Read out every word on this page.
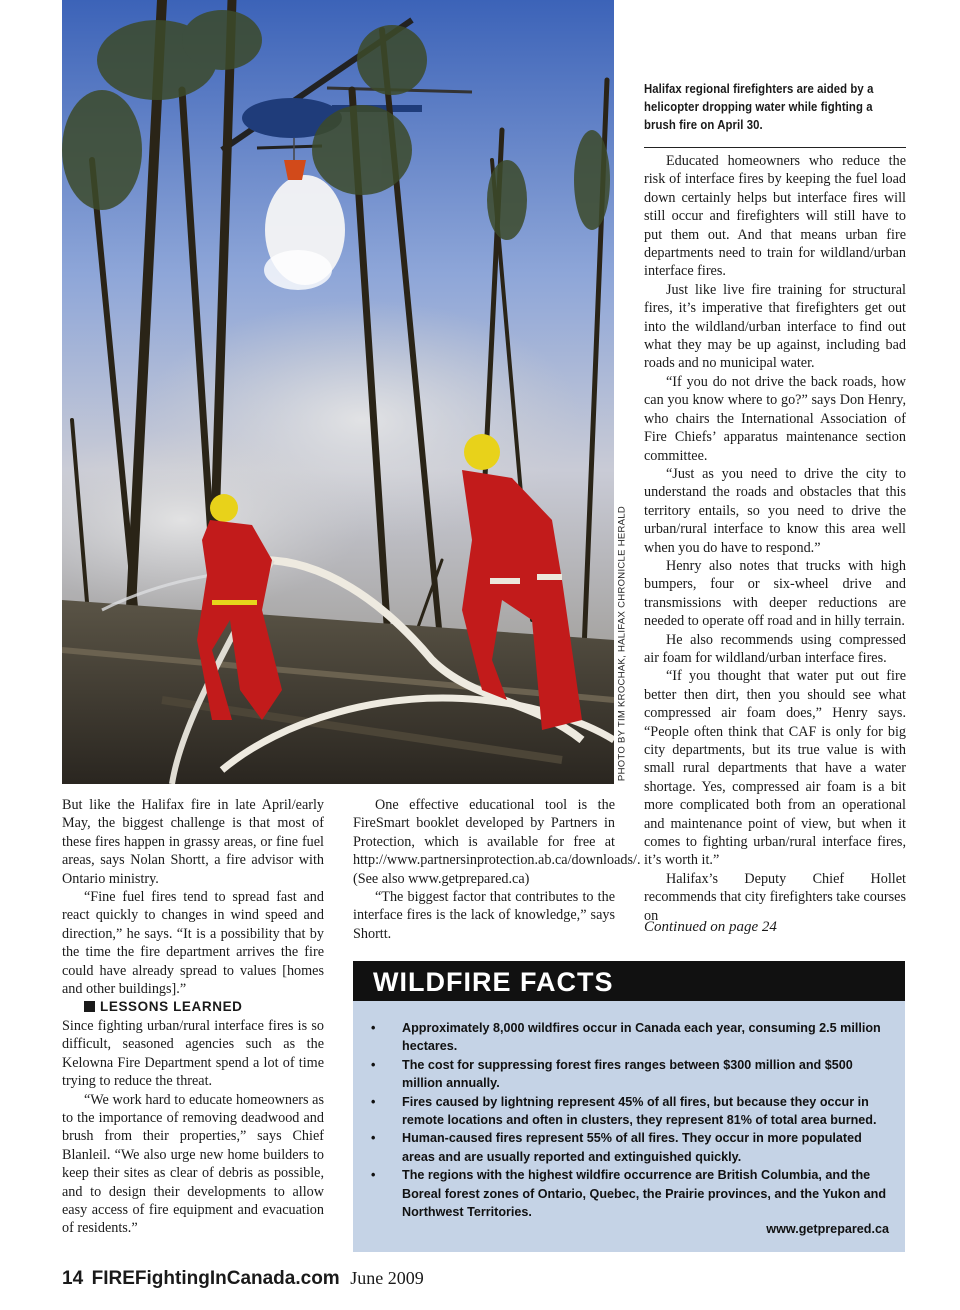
PHOTO BY TIM KROCHAK, HALIFAX CHRONICLE HERALD
Halifax regional firefighters are aided by a helicopter dropping water while fighting a brush fire on April 30.

But like the Halifax fire in late April/early May, the biggest challenge is that most of these fires happen in grassy areas, or fine fuel areas, says Nolan Shortt, a fire advisor with Ontario ministry.

“Fine fuel fires tend to spread fast and react quickly to changes in wind speed and direction,” he says. “It is a possibility that by the time the fire department arrives the fire could have already spread to values [homes and other buildings].”

LESSONS LEARNED

Since fighting urban/rural interface fires is so difficult, seasoned agencies such as the Kelowna Fire Department spend a lot of time trying to reduce the threat.

“We work hard to educate homeowners as to the importance of removing deadwood and brush from their properties,” says Chief Blanleil. “We also urge new home builders to keep their sites as clear of debris as possible, and to design their developments to allow easy access of fire equipment and evacuation of residents.”

One effective educational tool is the FireSmart booklet developed by Partners in Protection, which is available for free at http://www.partnersinprotection.ab.ca/downloads/. (See also www.getprepared.ca)

“The biggest factor that contributes to the interface fires is the lack of knowledge,” says Shortt.

Educated homeowners who reduce the risk of interface fires by keeping the fuel load down certainly helps but interface fires will still occur and firefighters will still have to put them out. And that means urban fire departments need to train for wildland/urban interface fires.

Just like live fire training for structural fires, it’s imperative that firefighters get out into the wildland/urban interface to find out what they may be up against, including bad roads and no municipal water.

“If you do not drive the back roads, how can you know where to go?” says Don Henry, who chairs the International Association of Fire Chiefs’ apparatus maintenance section committee.

“Just as you need to drive the city to understand the roads and obstacles that this territory entails, so you need to drive the urban/rural interface to know this area well when you do have to respond.”

Henry also notes that trucks with high bumpers, four or six-wheel drive and transmissions with deeper reductions are needed to operate off road and in hilly terrain.

He also recommends using compressed air foam for wildland/urban interface fires.

“If you thought that water put out fire better then dirt, then you should see what compressed air foam does,” Henry says. “People often think that CAF is only for big city departments, but its true value is with small rural departments that have a water shortage. Yes, compressed air foam is a bit more complicated both from an operational and maintenance point of view, but when it comes to fighting urban/rural interface fires, it’s worth it.”

Halifax’s Deputy Chief Hollet recommends that city firefighters take courses on

Continued on page 24
WILDFIRE FACTS
• Approximately 8,000 wildfires occur in Canada each year, consuming 2.5 million hectares.
• The cost for suppressing forest fires ranges between $300 million and $500 million annually.
• Fires caused by lightning represent 45% of all fires, but because they occur in remote locations and often in clusters, they represent 81% of total area burned.
• Human-caused fires represent 55% of all fires. They occur in more populated areas and are usually reported and extinguished quickly.
• The regions with the highest wildfire occurrence are British Columbia, and the Boreal forest zones of Ontario, Quebec, the Prairie provinces, and the Yukon and Northwest Territories.
www.getprepared.ca
14 FIREFightingInCanada.com June 2009
